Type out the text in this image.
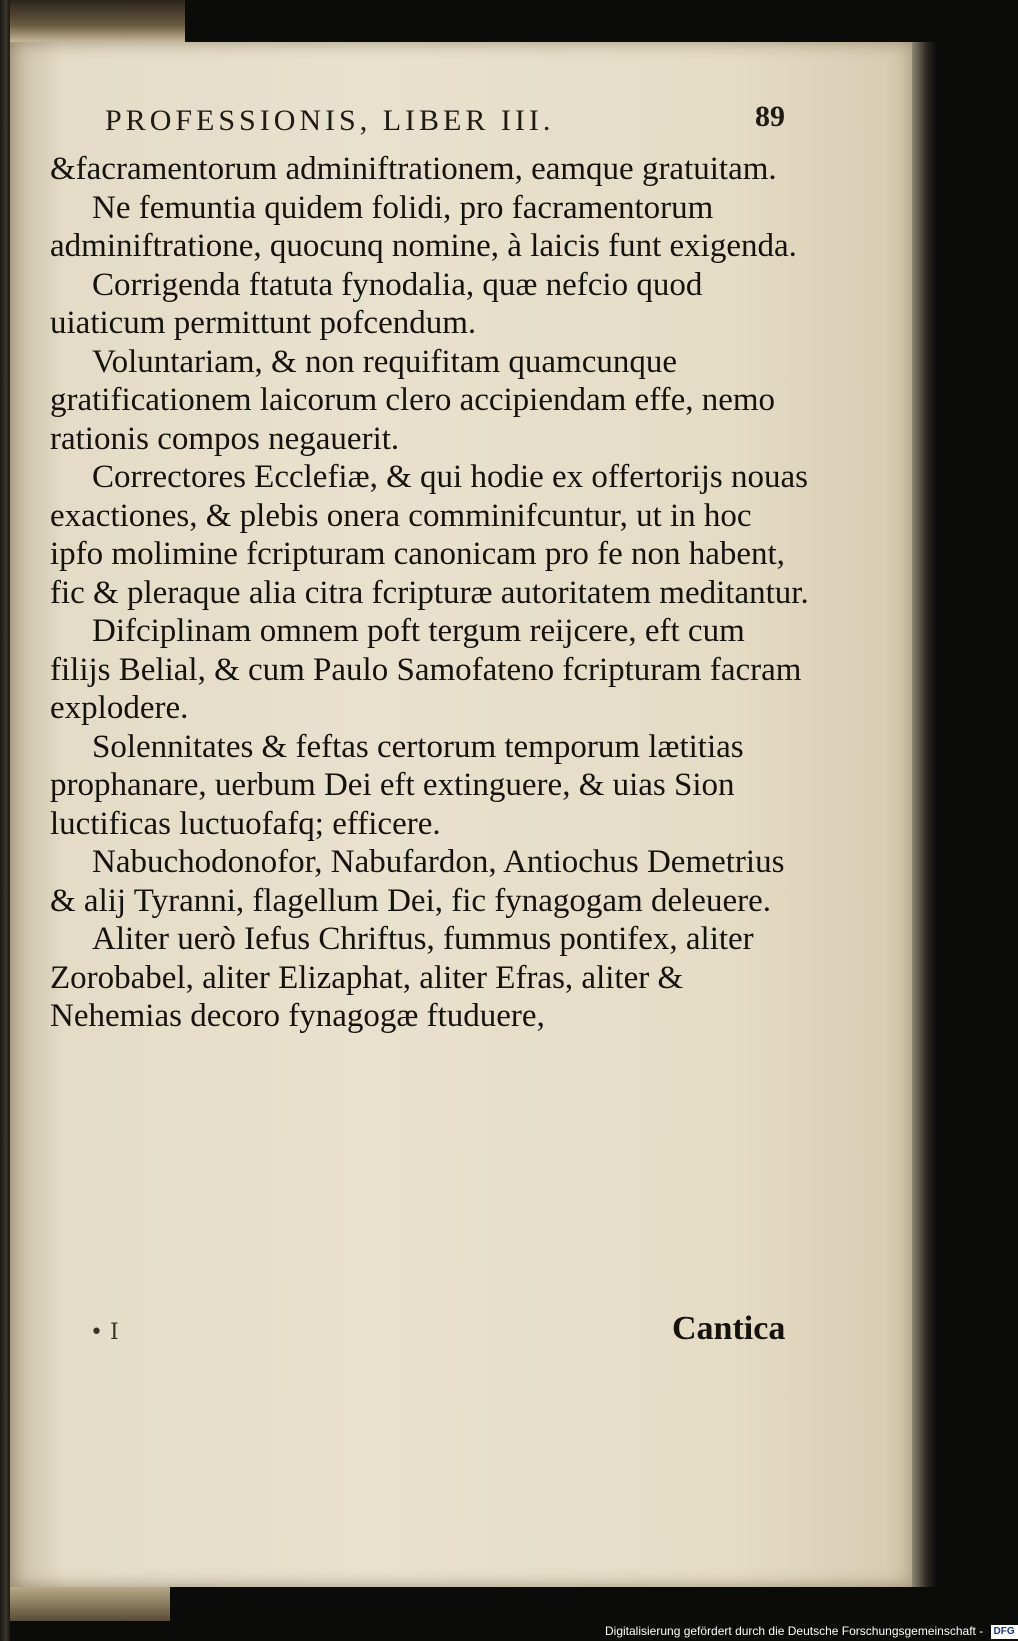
PROFESSIONIS, LIBER III.	89

&facramentorum adminiftrationem, eamque gratuitam.

Ne femuntia quidem folidi, pro facramentorum adminiftratione, quocunq nomine, à laicis funt exigenda.

Corrigenda ftatuta fynodalia, quæ nefcio quod uiaticum permittunt pofcendum.

Voluntariam, & non requifitam quamcunque gratificationem laicorum clero accipiendam effe, nemo rationis compos negauerit.

Correctores Ecclefiæ, & qui hodie ex offertorijs nouas exactiones, & plebis onera comminifcuntur, ut in hoc ipfo molimine fcripturam canonicam pro fe non habent, fic & pleraque alia citra fcripturæ autoritatem meditantur.

Difciplinam omnem poft tergum reijcere, eft cum filijs Belial, & cum Paulo Samofateno fcripturam facram explodere.

Solennitates & feftas certorum temporum lætitias prophanare, uerbum Dei eft extinguere, & uias Sion luctificas luctuofafq; efficere.

Nabuchodonofor, Nabufardon, Antiochus Demetrius & alij Tyranni, flagellum Dei, fic fynagogam deleuere.

Aliter uerò Iefus Chriftus, fummus pontifex, aliter Zorobabel, aliter Elizaphat, aliter Efras, aliter & Nehemias decoro fynagogæ ftuduere,

• I	Cantica
Digitalisierung gefördert durch die Deutsche Forschungsgemeinschaft - DFG
